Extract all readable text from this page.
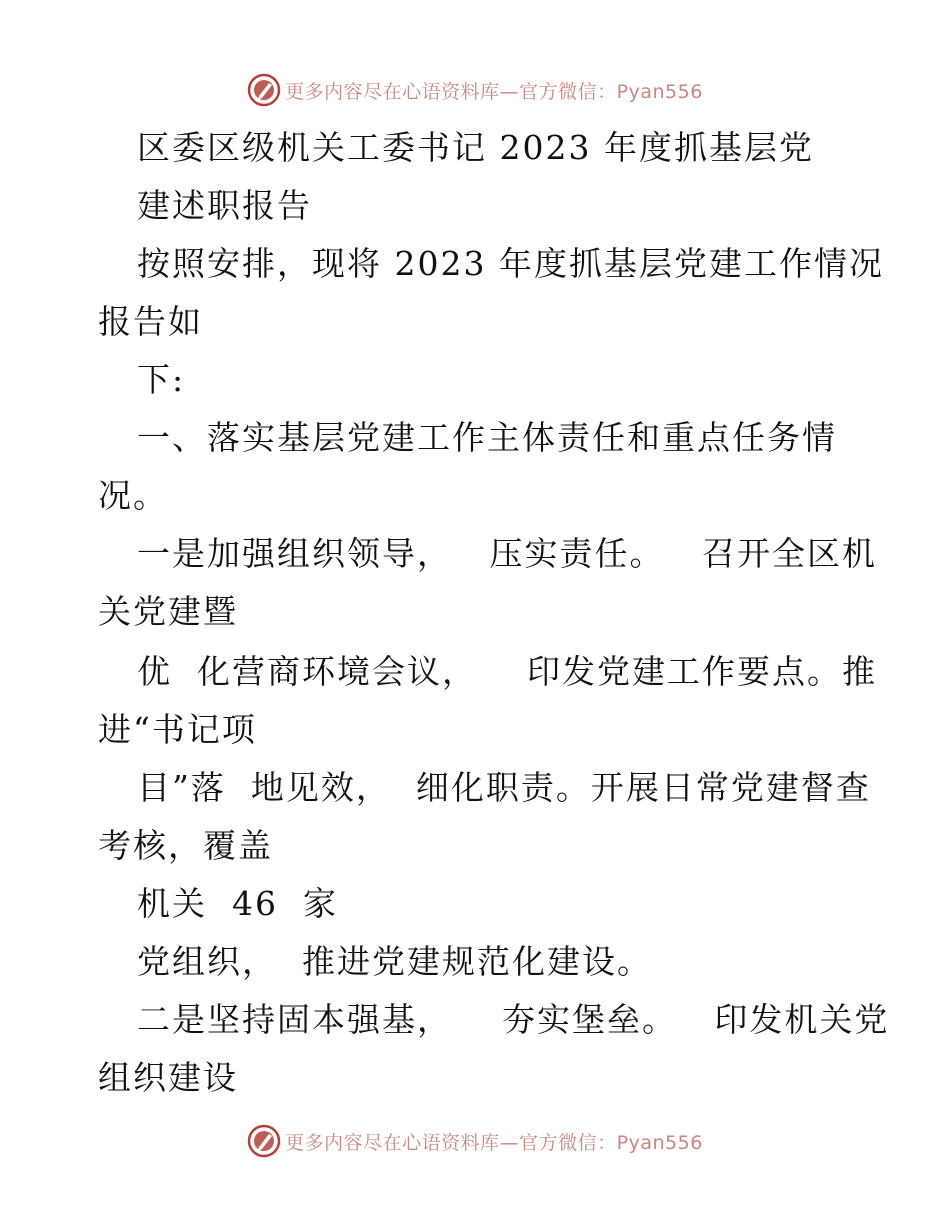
更多内容尽在心语资料库—官方微信：Pyan556
区委区级机关工委书记 2023 年度抓基层党
建述职报告
按照安排，现将 2023 年度抓基层党建工作情况
报告如
下:
一、落实基层党建工作主体责任和重点任务情
况。
一是加强组织领导，   压实责任。   召开全区机
关党建暨
优  化营商环境会议，    印发党建工作要点。推
进“书记项
目”落  地见效，  细化职责。开展日常党建督查
考核，覆盖
机关  46  家
党组织，  推进党建规范化建设。
二是坚持固本强基，    夯实堡垒。   印发机关党
组织建设
更多内容尽在心语资料库—官方微信：Pyan556
